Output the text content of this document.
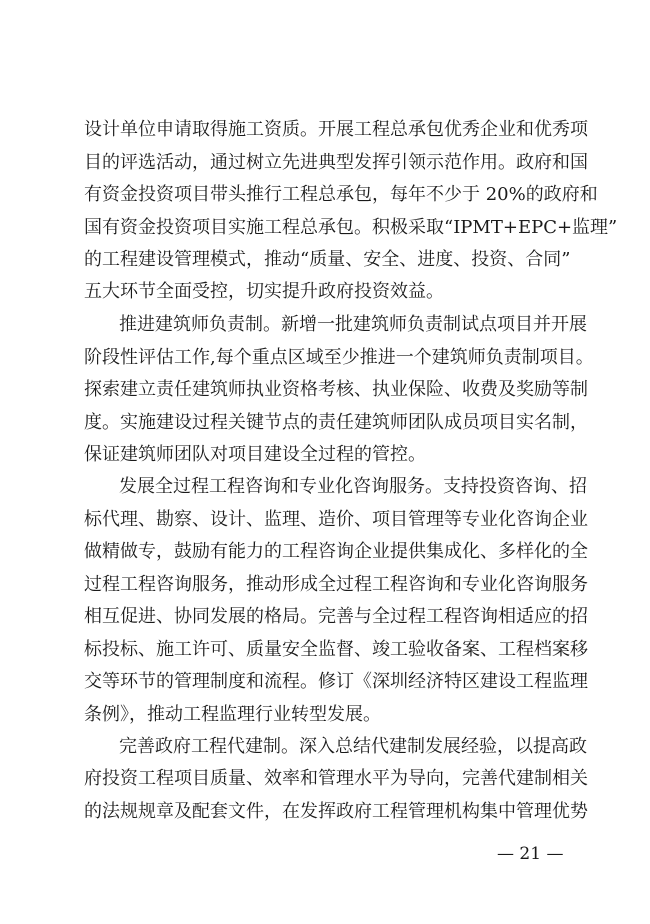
设计单位申请取得施工资质。开展工程总承包优秀企业和优秀项
目的评选活动，通过树立先进典型发挥引领示范作用。政府和国
有资金投资项目带头推行工程总承包，每年不少于 20%的政府和
国有资金投资项目实施工程总承包。积极采取“IPMT+EPC+监理”
的工程建设管理模式，推动“质量、安全、进度、投资、合同”
五大环节全面受控，切实提升政府投资效益。
推进建筑师负责制。新增一批建筑师负责制试点项目并开展
阶段性评估工作,每个重点区域至少推进一个建筑师负责制项目。
探索建立责任建筑师执业资格考核、执业保险、收费及奖励等制
度。实施建设过程关键节点的责任建筑师团队成员项目实名制，
保证建筑师团队对项目建设全过程的管控。
发展全过程工程咨询和专业化咨询服务。支持投资咨询、招
标代理、勘察、设计、监理、造价、项目管理等专业化咨询企业
做精做专，鼓励有能力的工程咨询企业提供集成化、多样化的全
过程工程咨询服务，推动形成全过程工程咨询和专业化咨询服务
相互促进、协同发展的格局。完善与全过程工程咨询相适应的招
标投标、施工许可、质量安全监督、竣工验收备案、工程档案移
交等环节的管理制度和流程。修订《深圳经济特区建设工程监理
条例》，推动工程监理行业转型发展。
完善政府工程代建制。深入总结代建制发展经验，以提高政
府投资工程项目质量、效率和管理水平为导向，完善代建制相关
的法规规章及配套文件，在发挥政府工程管理机构集中管理优势
— 21 —
